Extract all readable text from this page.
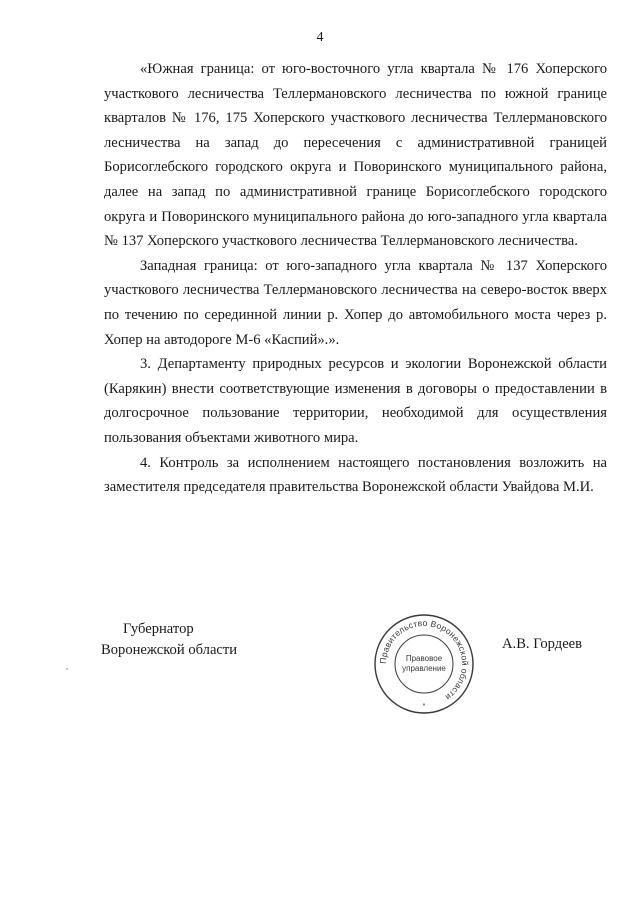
4

«Южная граница: от юго-восточного угла квартала № 176 Хоперского участкового лесничества Теллермановского лесничества по южной границе кварталов № 176, 175 Хоперского участкового лесничества Теллермановского лесничества на запад до пересечения с административной границей Борисоглебского городского округа и Поворинского муниципального района, далее на запад по административной границе Борисоглебского городского округа и Поворинского муниципального района до юго-западного угла квартала № 137 Хоперского участкового лесничества Теллермановского лесничества.

Западная граница: от юго-западного угла квартала № 137 Хоперского участкового лесничества Теллермановского лесничества на северо-восток вверх по течению по серединной линии р. Хопер до автомобильного моста через р. Хопер на автодороге М-6 «Каспий».».

3. Департаменту природных ресурсов и экологии Воронежской области (Карякин) внести соответствующие изменения в договоры о предоставлении в долгосрочное пользование территории, необходимой для осуществления пользования объектами животного мира.

4. Контроль за исполнением настоящего постановления возложить на заместителя председателя правительства Воронежской области Увайдова М.И.

Губернатор
Воронежской области
Правительство Воронежской области
Правовое
управление
*
А.В. Гордеев
